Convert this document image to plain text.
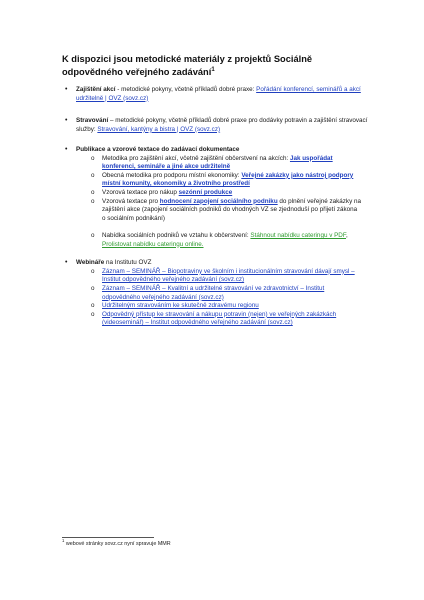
K dispozici jsou metodické materiály z projektů Sociálně odpovědného veřejného zadávání$^1$
• Zajištění akcí - metodické pokyny, včetně příkladů dobré praxe: Pořádání konferencí, seminářů a akcí udržitelně | OVZ (sovz.cz)
• Stravování – metodické pokyny, včetně příkladů dobré praxe pro dodávky potravin a zajištění stravovací služby: Stravování, kantýny a bistra | OVZ (sovz.cz)
• Publikace a vzorové textace do zadávací dokumentace
o Metodika pro zajištění akcí, včetně zajištění občerstvení na akcích: Jak uspořádat konferenci, semináře a jiné akce udržitelně
o Obecná metodika pro podporu místní ekonomiky: Veřejné zakázky jako nástroj podpory místní komunity, ekonomiky a životního prostředí
o Vzorová textace pro nákup sezónní produkce
o Vzorová textace pro hodnocení zapojení sociálního podniku do plnění veřejné zakázky na zajištění akce (zapojení sociálních podniků do vhodných VZ se zjednoduší po přijetí zákona o sociálním podnikání)
o Nabídka sociálních podniků ve vztahu k občerstvení: Stáhnout nabídku cateringu v PDF, Prolistovat nabídku cateringu online.
• Webináře na Institutu OVZ
o Záznam – SEMINÁŘ – Biopotraviny ve školním i institucionálním stravování dávají smysl – Institut odpovědného veřejného zadávání (sovz.cz)
o Záznam – SEMINÁŘ – Kvalitní a udržitelné stravování ve zdravotnictví – Institut odpovědného veřejného zadávání (sovz.cz)
o Udržitelným stravováním ke skutečně zdravému regionu
o Odpovědný přístup ke stravování a nákupu potravin (nejen) ve veřejných zakázkách (videoseminář) – Institut odpovědného veřejného zadávání (sovz.cz)
$^1$ webové stránky sovz.cz nyní spravuje MMR
